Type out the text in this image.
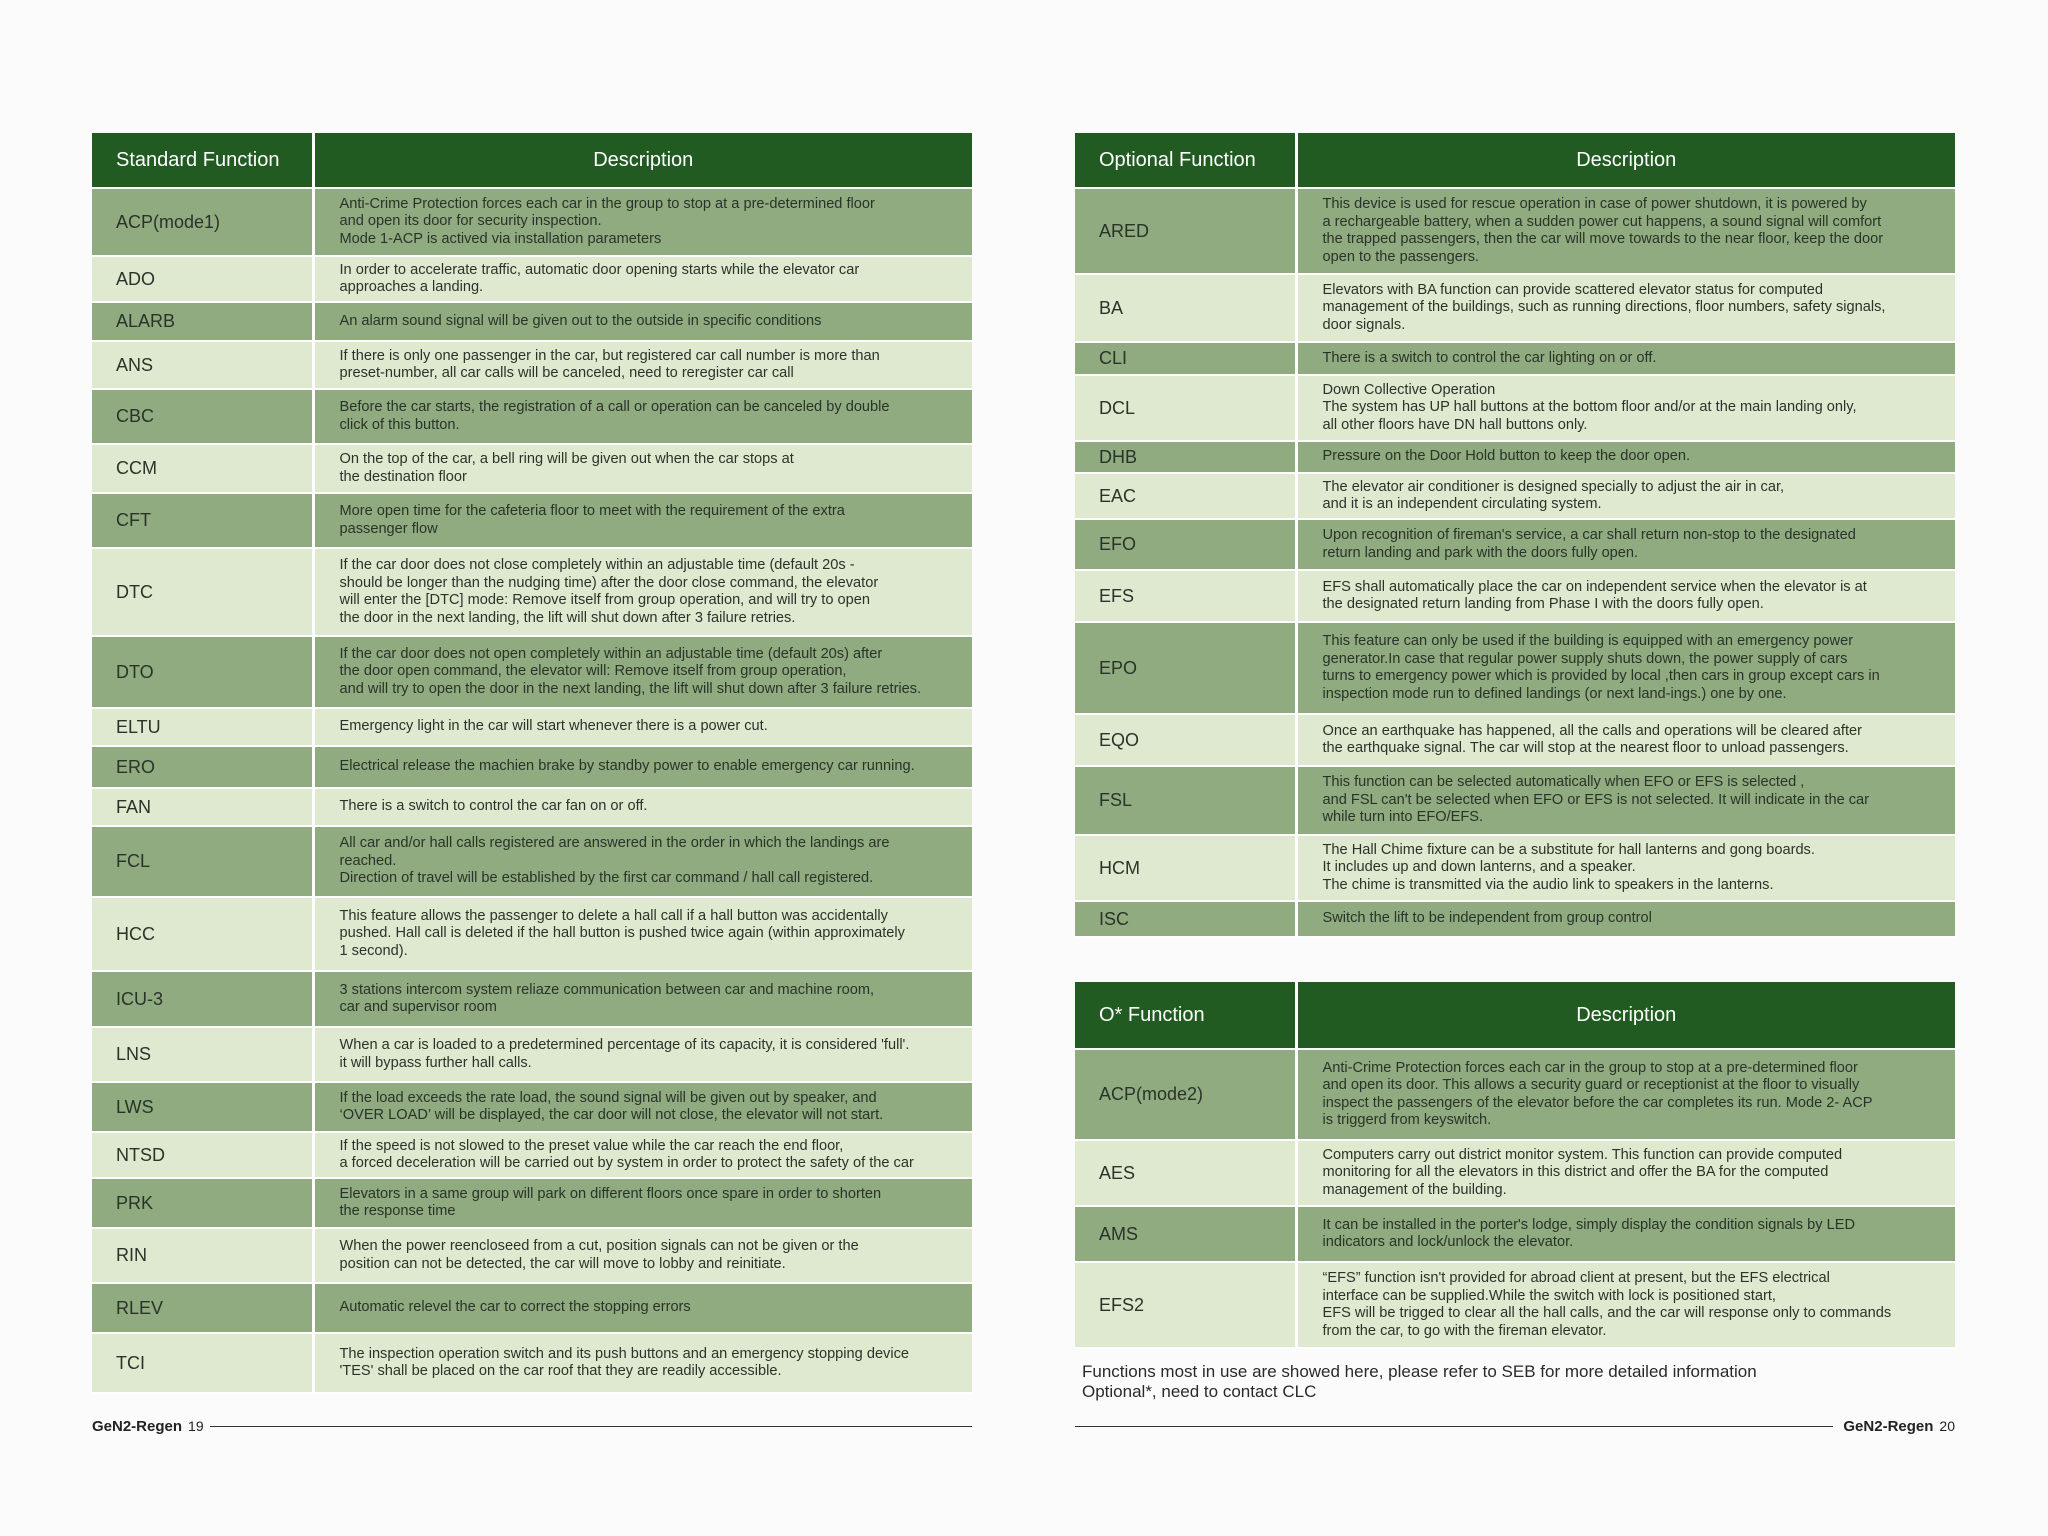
Standard Function	Description
ACP(mode1)	Anti-Crime Protection forces each car in the group to stop at a pre-determined floor
and open its door for security inspection.
Mode 1-ACP is actived via installation parameters
ADO	In order to accelerate traffic, automatic door opening starts while the elevator car
approaches a landing.
ALARB	An alarm sound signal will be given out to the outside in specific conditions
ANS	If there is only one passenger in the car, but registered car call number is more than
preset-number, all car calls will be canceled, need to reregister car call
CBC	Before the car starts, the registration of a call or operation can be canceled by double
click of this button.
CCM	On the top of the car, a bell ring will be given out when the car stops at
the destination floor
CFT	More open time for the cafeteria floor to meet with the requirement of the extra
passenger flow
DTC	If the car door does not close completely within an adjustable time (default 20s -
should be longer than the nudging time) after the door close command, the elevator
will enter the [DTC] mode: Remove itself from group operation, and will try to open
the door in the next landing, the lift will shut down after 3 failure retries.
DTO	If the car door does not open completely within an adjustable time (default 20s) after
the door open command, the elevator will: Remove itself from group operation,
and will try to open the door in the next landing, the lift will shut down after 3 failure retries.
ELTU	Emergency light in the car will start whenever there is a power cut.
ERO	Electrical release the machien brake by standby power to enable emergency car running.
FAN	There is a switch to control the car fan on or off.
FCL	All car and/or hall calls registered are answered in the order in which the landings are
reached.
Direction of travel will be established by the first car command / hall call registered.
HCC	This feature allows the passenger to delete a hall call if a hall button was accidentally
pushed. Hall call is deleted if the hall button is pushed twice again (within approximately
1 second).
ICU-3	3 stations intercom system reliaze communication between car and machine room,
car and supervisor room
LNS	When a car is loaded to a predetermined percentage of its capacity, it is considered 'full'.
it will bypass further hall calls.
LWS	If the load exceeds the rate load, the sound signal will be given out by speaker, and
‘OVER LOAD’ will be displayed, the car door will not close, the elevator will not start.
NTSD	If the speed is not slowed to the preset value while the car reach the end floor,
a forced deceleration will be carried out by system in order to protect the safety of the car
PRK	Elevators in a same group will park on different floors once spare in order to shorten
the response time
RIN	When the power reencloseed from a cut, position signals can not be given or the
position can not be detected, the car will move to lobby and reinitiate.
RLEV	Automatic relevel the car to correct the stopping errors
TCI	The inspection operation switch and its push buttons and an emergency stopping device
'TES' shall be placed on the car roof that they are readily accessible.
Optional Function	Description
ARED	This device is used for rescue operation in case of power shutdown, it is powered by
a rechargeable battery, when a sudden power cut happens, a sound signal will comfort
the trapped passengers, then the car will move towards to the near floor, keep the door
open to the passengers.
BA	Elevators with BA function can provide scattered elevator status for computed
management of the buildings, such as running directions, floor numbers, safety signals,
door signals.
CLI	There is a switch to control the car lighting on or off.
DCL	Down Collective Operation
The system has UP hall buttons at the bottom floor and/or at the main landing only,
all other floors have DN hall buttons only.
DHB	Pressure on the Door Hold button to keep the door open.
EAC	The elevator air conditioner is designed specially to adjust the air in car,
and it is an independent circulating system.
EFO	Upon recognition of fireman's service, a car shall return non-stop to the designated
return landing and park with the doors fully open.
EFS	EFS shall automatically place the car on independent service when the elevator is at
the designated return landing from Phase I with the doors fully open.
EPO	This feature can only be used if the building is equipped with an emergency power
generator.In case that regular power supply shuts down, the power supply of cars
turns to emergency power which is provided by local ,then cars in group except cars in
inspection mode run to defined landings (or next land-ings.) one by one.
EQO	Once an earthquake has happened, all the calls and operations will be cleared after
the earthquake signal. The car will stop at the nearest floor to unload passengers.
FSL	This function can be selected automatically when EFO or EFS is selected ,
and FSL can't be selected when EFO or EFS is not selected. It will indicate in the car
while turn into EFO/EFS.
HCM	The Hall Chime fixture can be a substitute for hall lanterns and gong boards.
It includes up and down lanterns, and a speaker.
The chime is transmitted via the audio link to speakers in the lanterns.
ISC	Switch the lift to be independent from group control
O* Function	Description
ACP(mode2)	Anti-Crime Protection forces each car in the group to stop at a pre-determined floor
and open its door. This allows a security guard or receptionist at the floor to visually
inspect the passengers of the elevator before the car completes its run. Mode 2- ACP
is triggerd from keyswitch.
AES	Computers carry out district monitor system. This function can provide computed
monitoring for all the elevators in this district and offer the BA for the computed
management of the building.
AMS	It can be installed in the porter's lodge, simply display the condition signals by LED
indicators and lock/unlock the elevator.
EFS2	“EFS” function isn't provided for abroad client at present, but the EFS electrical
interface can be supplied.While the switch with lock is positioned start,
EFS will be trigged to clear all the hall calls, and the car will response only to commands
from the car, to go with the fireman elevator.
Functions most in use are showed here, please refer to SEB for more detailed information
Optional*, need to contact CLC
GeN2-Regen 19	GeN2-Regen 20
